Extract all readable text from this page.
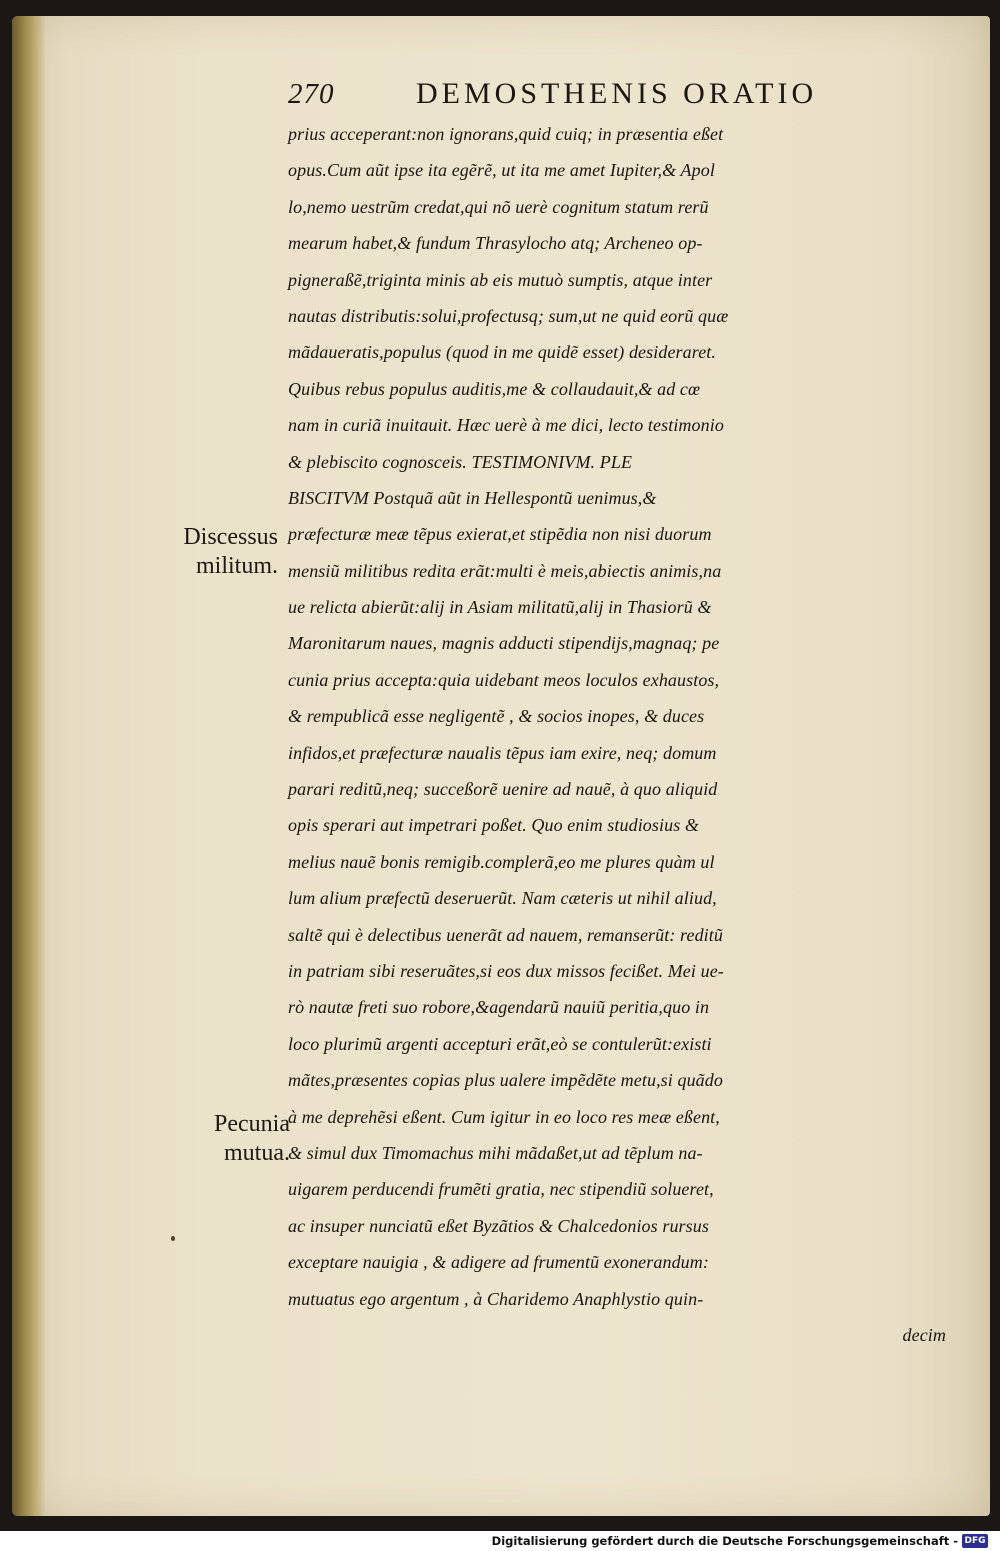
270	DEMOSTHENIS ORATIO
prius acceperant:non ignorans,quid cuiq; in præsentia eßet
opus.Cum aũt ipse ita egẽrẽ, ut ita me amet Iupiter,& Apol
lo,nemo uestrũm credat,qui nõ uerè cognitum statum rerũ
mearum habet,& fundum Thrasylocho atq; Archeneo op-
pigneraßẽ,triginta minis ab eis mutuò sumptis, atque inter
nautas distributis:solui,profectusq; sum,ut ne quid eorũ quæ
mãdaueratis,populus (quod in me quidẽ esset) desideraret.
Quibus rebus populus auditis,me & collaudauit,& ad cœ
nam in curiã inuitauit. Hæc uerè à me dici, lecto testimonio
& plebiscito cognosceis. TESTIMONIVM. PLE
BISCITVM Postquã aũt in Hellespontũ uenimus,&
præfecturæ meæ tẽpus exierat,et stipẽdia non nisi duorum
mensiũ militibus redita erãt:multi è meis,abiectis animis,na
ue relicta abierũt:alij in Asiam militatũ,alij in Thasiorũ &
Maronitarum naues, magnis adducti stipendijs,magnaq; pe
cunia prius accepta:quia uidebant meos loculos exhaustos,
& rempublicã esse negligentẽ , & socios inopes, & duces
infidos,et præfecturæ naualis tẽpus iam exire, neq; domum
parari reditũ,neq; succeßorẽ uenire ad nauẽ, à quo aliquid
opis sperari aut impetrari poßet. Quo enim studiosius &
melius nauẽ bonis remigib.complerã,eo me plures quàm ul
lum alium præfectũ deseruerũt. Nam cæteris ut nihil aliud,
saltẽ qui è delectibus uenerãt ad nauem, remanserũt: reditũ
in patriam sibi reseruãtes,si eos dux missos fecißet. Mei ue-
rò nautæ freti suo robore,&agendarũ nauiũ peritia,quo in
loco plurimũ argenti accepturi erãt,eò se contulerũt:existi
mãtes,præsentes copias plus ualere impẽdẽte metu,si quãdo
à me deprehẽsi eßent. Cum igitur in eo loco res meæ eßent,
& simul dux Timomachus mihi mãdaßet,ut ad tẽplum na-
uigarem perducendi frumẽti gratia, nec stipendiũ solueret,
ac insuper nunciatũ eßet Byzãtios & Chalcedonios rursus
exceptare nauigia , & adigere ad frumentũ exonerandum:
mutuatus ego argentum , à Charidemo Anaphlystio quin-
decim
Discessus
militum.
Pecunia
mutua.
Digitalisierung gefördert durch die Deutsche Forschungsgemeinschaft - DFG
